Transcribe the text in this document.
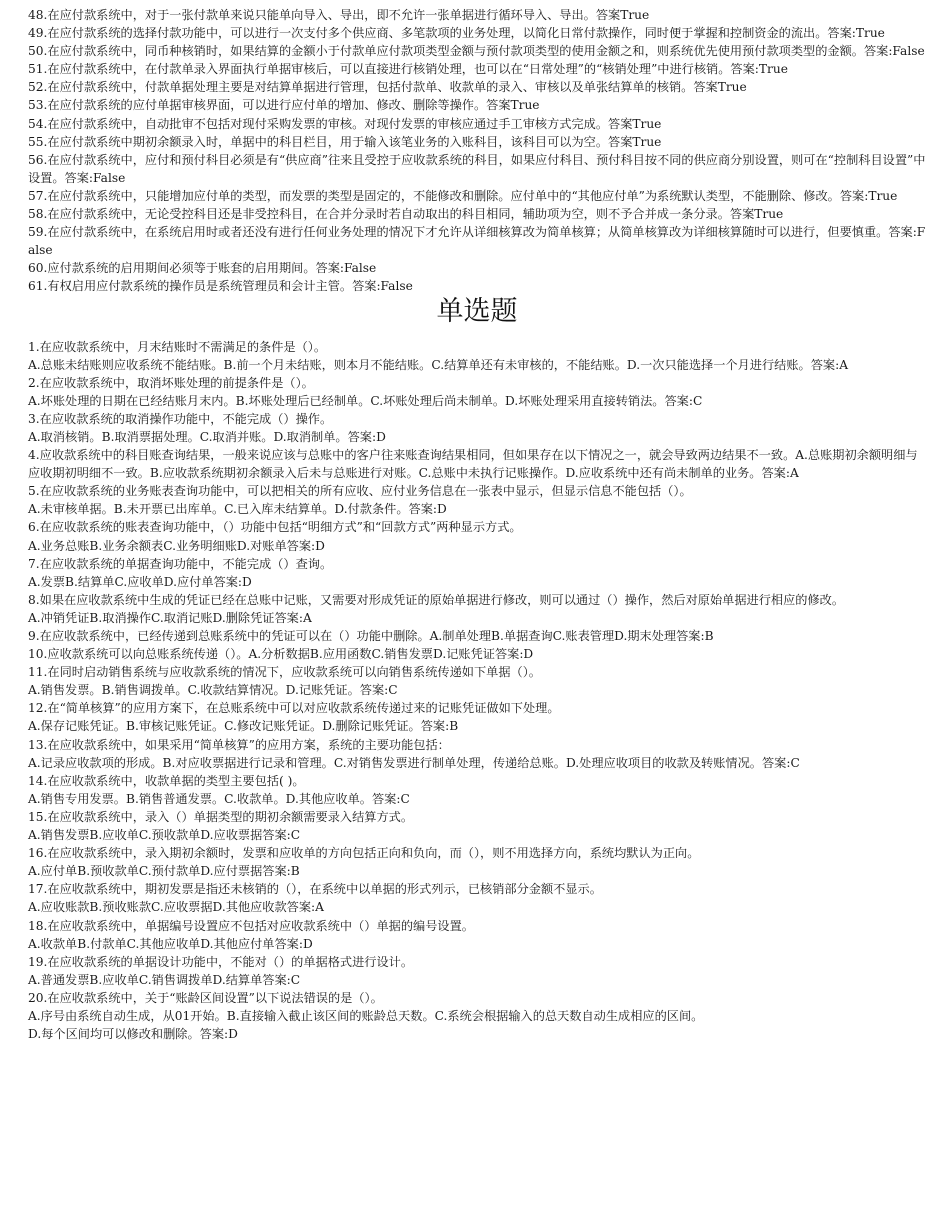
48.在应付款系统中，对于一张付款单来说只能单向导入、导出，即不允许一张单据进行循环导入、导出。答案True
49.在应付款系统的选择付款功能中，可以进行一次支付多个供应商、多笔款项的业务处理，以简化日常付款操作，同时便于掌握和控制资金的流出。答案:True
50.在应付款系统中，同币种核销时，如果结算的金额小于付款单应付款项类型金额与预付款项类型的使用金额之和，则系统优先使用预付款项类型的金额。答案:False
51.在应付款系统中，在付款单录入界面执行单据审核后，可以直接进行核销处理，也可以在“日常处理”的“核销处理”中进行核销。答案:True
52.在应付款系统中，付款单据处理主要是对结算单据进行管理，包括付款单、收款单的录入、审核以及单张结算单的核销。答案True
53.在应付款系统的应付单据审核界面，可以进行应付单的增加、修改、删除等操作。答案True
54.在应付款系统中，自动批审不包括对现付采购发票的审核。对现付发票的审核应通过手工审核方式完成。答案True
55.在应付款系统中期初余额录入时，单据中的科目栏目，用于输入该笔业务的入账科目，该科目可以为空。答案True
56.在应付款系统中，应付和预付科目必须是有“供应商”往来且受控于应收款系统的科目，如果应付科目、预付科目按不同的供应商分别设置，则可在“控制科目设置”中设置。答案:False
57.在应付款系统中，只能增加应付单的类型，而发票的类型是固定的，不能修改和删除。应付单中的“其他应付单”为系统默认类型，不能删除、修改。答案:True
58.在应付款系统中，无论受控科目还是非受控科目，在合并分录时若自动取出的科目相同，辅助项为空，则不予合并成一条分录。答案True
59.在应付款系统中，在系统启用时或者还没有进行任何业务处理的情况下才允许从详细核算改为简单核算；从简单核算改为详细核算随时可以进行，但要慎重。答案:False
60.应付款系统的启用期间必须等于账套的启用期间。答案:False
61.有权启用应付款系统的操作员是系统管理员和会计主管。答案:False
单选题
1.在应收款系统中，月末结账时不需满足的条件是（）。
A.总账未结账则应收系统不能结账。B.前一个月未结账，则本月不能结账。C.结算单还有未审核的，不能结账。D.一次只能选择一个月进行结账。答案:A
2.在应收款系统中，取消坏账处理的前提条件是（）。
A.坏账处理的日期在已经结账月末内。B.坏账处理后已经制单。C.坏账处理后尚未制单。D.坏账处理采用直接转销法。答案:C
3.在应收款系统的取消操作功能中，不能完成（）操作。
A.取消核销。B.取消票据处理。C.取消并账。D.取消制单。答案:D
4.应收款系统中的科目账查询结果，一般来说应该与总账中的客户往来账查询结果相同，但如果存在以下情况之一，就会导致两边结果不一致。A.总账期初余额明细与应收期初明细不一致。B.应收款系统期初余额录入后未与总账进行对账。C.总账中未执行记账操作。D.应收系统中还有尚未制单的业务。答案:A
5.在应收款系统的业务账表查询功能中，可以把相关的所有应收、应付业务信息在一张表中显示，但显示信息不能包括（）。
A.未审核单据。B.未开票已出库单。C.已入库未结算单。D.付款条件。答案:D
6.在应收款系统的账表查询功能中，（）功能中包括“明细方式”和“回款方式”两种显示方式。
A.业务总账B.业务余额表C.业务明细账D.对账单答案:D
7.在应收款系统的单据查询功能中，不能完成（）查询。
A.发票B.结算单C.应收单D.应付单答案:D
8.如果在应收款系统中生成的凭证已经在总账中记账，又需要对形成凭证的原始单据进行修改，则可以通过（）操作，然后对原始单据进行相应的修改。
A.冲销凭证B.取消操作C.取消记账D.删除凭证答案:A
9.在应收款系统中，已经传递到总账系统中的凭证可以在（）功能中删除。A.制单处理B.单据查询C.账表管理D.期末处理答案:B
10.应收款系统可以向总账系统传递（）。A.分析数据B.应用函数C.销售发票D.记账凭证答案:D
11.在同时启动销售系统与应收款系统的情况下，应收款系统可以向销售系统传递如下单据（）。
A.销售发票。B.销售调拨单。C.收款结算情况。D.记账凭证。答案:C
12.在“简单核算”的应用方案下，在总账系统中可以对应收款系统传递过来的记账凭证做如下处理。
A.保存记账凭证。B.审核记账凭证。C.修改记账凭证。D.删除记账凭证。答案:B
13.在应收款系统中，如果采用“简单核算”的应用方案，系统的主要功能包括：
A.记录应收款项的形成。B.对应收票据进行记录和管理。C.对销售发票进行制单处理，传递给总账。D.处理应收项目的收款及转账情况。答案:C
14.在应收款系统中，收款单据的类型主要包括( )。
A.销售专用发票。B.销售普通发票。C.收款单。D.其他应收单。答案:C
15.在应收款系统中，录入（）单据类型的期初余额需要录入结算方式。
A.销售发票B.应收单C.预收款单D.应收票据答案:C
16.在应收款系统中，录入期初余额时，发票和应收单的方向包括正向和负向，而（），则不用选择方向，系统均默认为正向。
A.应付单B.预收款单C.预付款单D.应付票据答案:B
17.在应收款系统中，期初发票是指还未核销的（），在系统中以单据的形式列示，已核销部分金额不显示。
A.应收账款B.预收账款C.应收票据D.其他应收款答案:A
18.在应收款系统中，单据编号设置应不包括对应收款系统中（）单据的编号设置。
A.收款单B.付款单C.其他应收单D.其他应付单答案:D
19.在应收款系统的单据设计功能中，不能对（）的单据格式进行设计。
A.普通发票B.应收单C.销售调拨单D.结算单答案:C
20.在应收款系统中，关于“账龄区间设置”以下说法错误的是（）。
A.序号由系统自动生成，从01开始。B.直接输入截止该区间的账龄总天数。C.系统会根据输入的总天数自动生成相应的区间。
D.每个区间均可以修改和删除。答案:D
